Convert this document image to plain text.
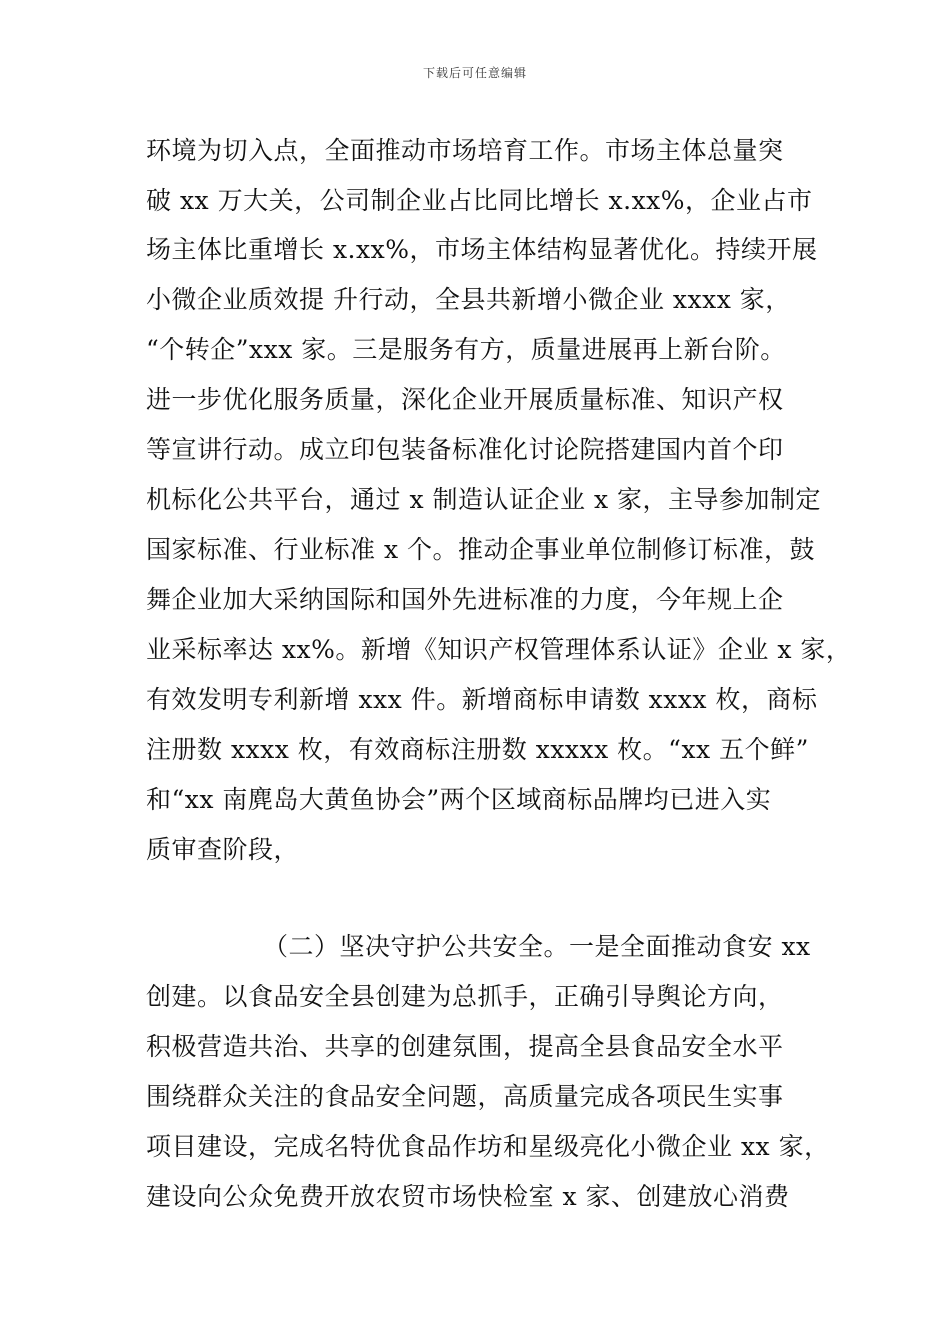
下载后可任意编辑
环境为切入点，全面推动市场培育工作。市场主体总量突
破 xx 万大关，公司制企业占比同比增长 x.xx%，企业占市
场主体比重增长 x.xx%，市场主体结构显著优化。持续开展
小微企业质效提 升行动，全县共新增小微企业 xxxx 家，
“个转企”xxx 家。三是服务有方，质量进展再上新台阶。
进一步优化服务质量，深化企业开展质量标准、知识产权
等宣讲行动。成立印包装备标准化讨论院搭建国内首个印
机标化公共平台，通过 x 制造认证企业 x 家，主导参加制定
国家标准、行业标准 x 个。推动企事业单位制修订标准，鼓
舞企业加大采纳国际和国外先进标准的力度，今年规上企
业采标率达 xx%。新增《知识产权管理体系认证》企业 x 家，
有效发明专利新增 xxx 件。新增商标申请数 xxxx 枚，商标
注册数 xxxx 枚，有效商标注册数 xxxxx 枚。“xx 五个鲜”
和“xx 南麂岛大黄鱼协会”两个区域商标品牌均已进入实
质审查阶段，
（二）坚决守护公共安全。一是全面推动食安 xx
创建。以食品安全县创建为总抓手，正确引导舆论方向，
积极营造共治、共享的创建氛围，提高全县食品安全水平
围绕群众关注的食品安全问题，高质量完成各项民生实事
项目建设，完成名特优食品作坊和星级亮化小微企业 xx 家，
建设向公众免费开放农贸市场快检室 x 家、创建放心消费
